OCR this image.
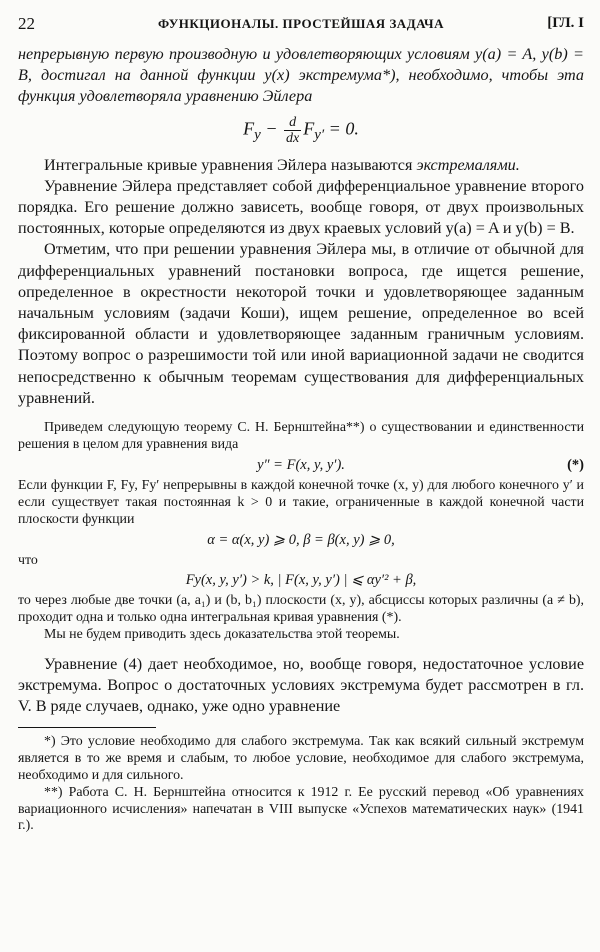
22	ФУНКЦИОНАЛЫ. ПРОСТЕЙШАЯ ЗАДАЧА	[ГЛ. I

непрерывную первую производную и удовлетворяющих условиям y(a) = A, y(b) = B, достигал на данной функции y(x) экстремума*), необходимо, чтобы эта функция удовлетворяла уравнению Эйлера

$F_y - \frac{d}{dx} F_{y'} = 0$.

Интегральные кривые уравнения Эйлера называются экстремалями.

Уравнение Эйлера представляет собой дифференциальное уравнение второго порядка. Его решение должно зависеть, вообще говоря, от двух произвольных постоянных, которые определяются из двух краевых условий y(a) = A и y(b) = B.

Отметим, что при решении уравнения Эйлера мы, в отличие от обычной для дифференциальных уравнений постановки вопроса, где ищется решение, определенное в окрестности некоторой точки и удовлетворяющее заданным начальным условиям (задачи Коши), ищем решение, определенное во всей фиксированной области и удовлетворяющее заданным граничным условиям. Поэтому вопрос о разрешимости той или иной вариационной задачи не сводится непосредственно к обычным теоремам существования для дифференциальных уравнений.

Приведем следующую теорему С. Н. Бернштейна**) о существовании и единственности решения в целом для уравнения вида

y″ = F(x, y, y′).	(*)

Если функции F, Fy, Fy′ непрерывны в каждой конечной точке (x, y) для любого конечного y′ и если существует такая постоянная k > 0 и такие, ограниченные в каждой конечной части плоскости функции

α = α(x, y) ⩾ 0, β = β(x, y) ⩾ 0,

что

Fy(x, y, y′) > k, | F(x, y, y′) | ⩽ αy′² + β,

то через любые две точки (a, a₁) и (b, b₁) плоскости (x, y), абсциссы которых различны (a ≠ b), проходит одна и только одна интегральная кривая уравнения (*).

Мы не будем приводить здесь доказательства этой теоремы.

Уравнение (4) дает необходимое, но, вообще говоря, недостаточное условие экстремума. Вопрос о достаточных условиях экстремума будет рассмотрен в гл. V. В ряде случаев, однако, уже одно уравнение

*) Это условие необходимо для слабого экстремума. Так как всякий сильный экстремум является в то же время и слабым, то любое условие, необходимое для слабого экстремума, необходимо и для сильного.

**) Работа С. Н. Бернштейна относится к 1912 г. Ее русский перевод «Об уравнениях вариационного исчисления» напечатан в VIII выпуске «Успехов математических наук» (1941 г.).
